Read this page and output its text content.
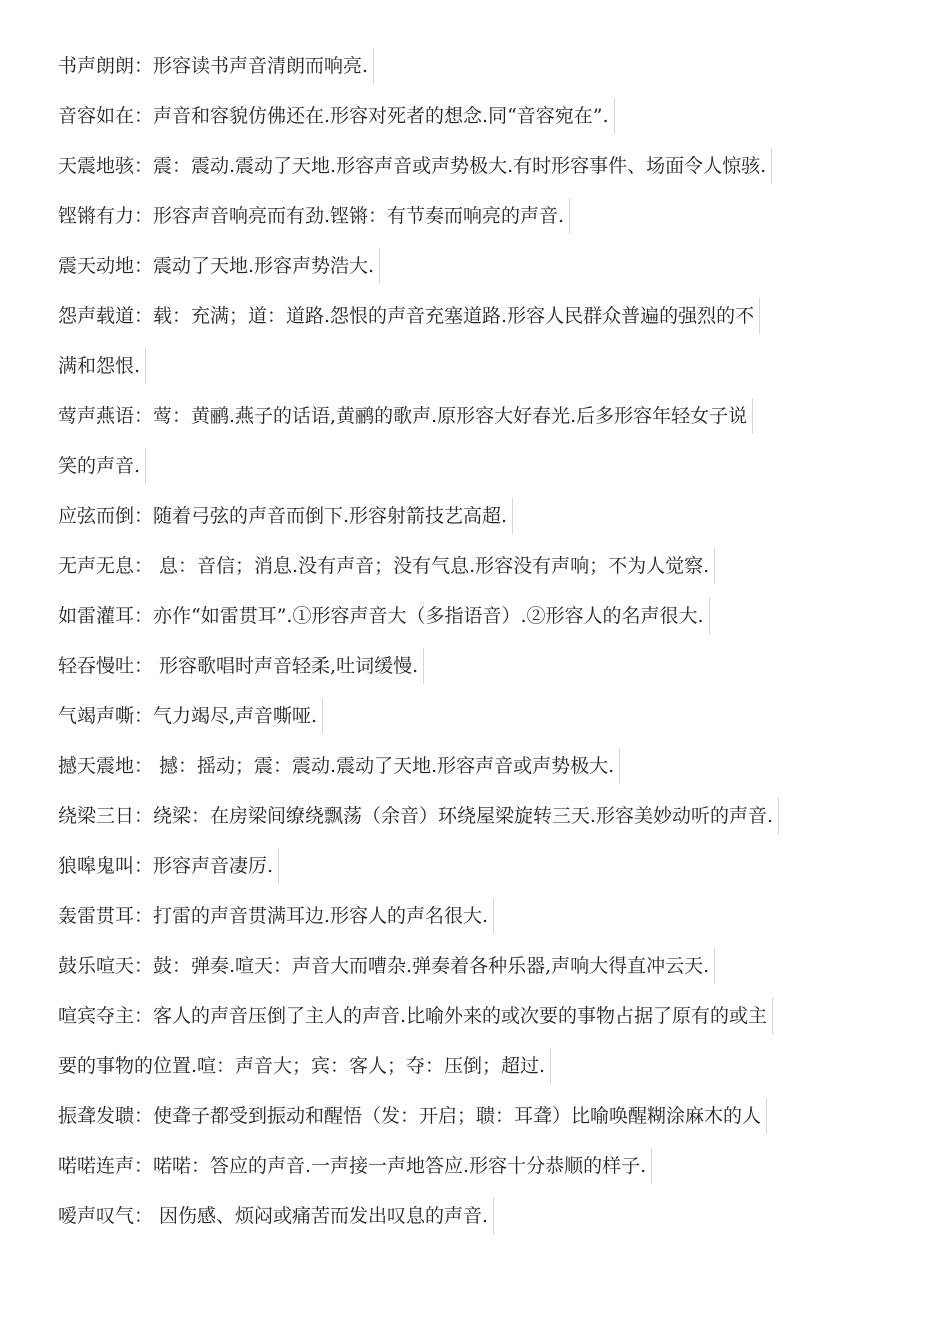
书声朗朗：形容读书声音清朗而响亮.
音容如在：声音和容貌仿佛还在.形容对死者的想念.同“音容宛在”.
天震地骇：震：震动.震动了天地.形容声音或声势极大.有时形容事件、场面令人惊骇.
铿锵有力：形容声音响亮而有劲.铿锵：有节奏而响亮的声音.
震天动地：震动了天地.形容声势浩大.
怨声载道：载：充满；道：道路.怨恨的声音充塞道路.形容人民群众普遍的强烈的不
满和怨恨.
莺声燕语：莺：黄鹂.燕子的话语,黄鹂的歌声.原形容大好春光.后多形容年轻女子说
笑的声音.
应弦而倒：随着弓弦的声音而倒下.形容射箭技艺高超.
无声无息： 息：音信；消息.没有声音；没有气息.形容没有声响；不为人觉察.
如雷灌耳：亦作“如雷贯耳”.①形容声音大（多指语音）.②形容人的名声很大.
轻吞慢吐： 形容歌唱时声音轻柔,吐词缓慢.
气竭声嘶：气力竭尽,声音嘶哑.
撼天震地： 撼：摇动；震：震动.震动了天地.形容声音或声势极大.
绕梁三日：绕梁：在房梁间缭绕飘荡（余音）环绕屋梁旋转三天.形容美妙动听的声音.
狼嗥鬼叫：形容声音凄厉.
轰雷贯耳：打雷的声音贯满耳边.形容人的声名很大.
鼓乐喧天：鼓：弹奏.喧天：声音大而嘈杂.弹奏着各种乐器,声响大得直冲云天.
喧宾夺主：客人的声音压倒了主人的声音.比喻外来的或次要的事物占据了原有的或主
要的事物的位置.喧：声音大；宾：客人；夺：压倒；超过.
振聋发聩：使聋子都受到振动和醒悟（发：开启；聩：耳聋）比喻唤醒糊涂麻木的人
喏喏连声：喏喏：答应的声音.一声接一声地答应.形容十分恭顺的样子.
嗳声叹气： 因伤感、烦闷或痛苦而发出叹息的声音.
